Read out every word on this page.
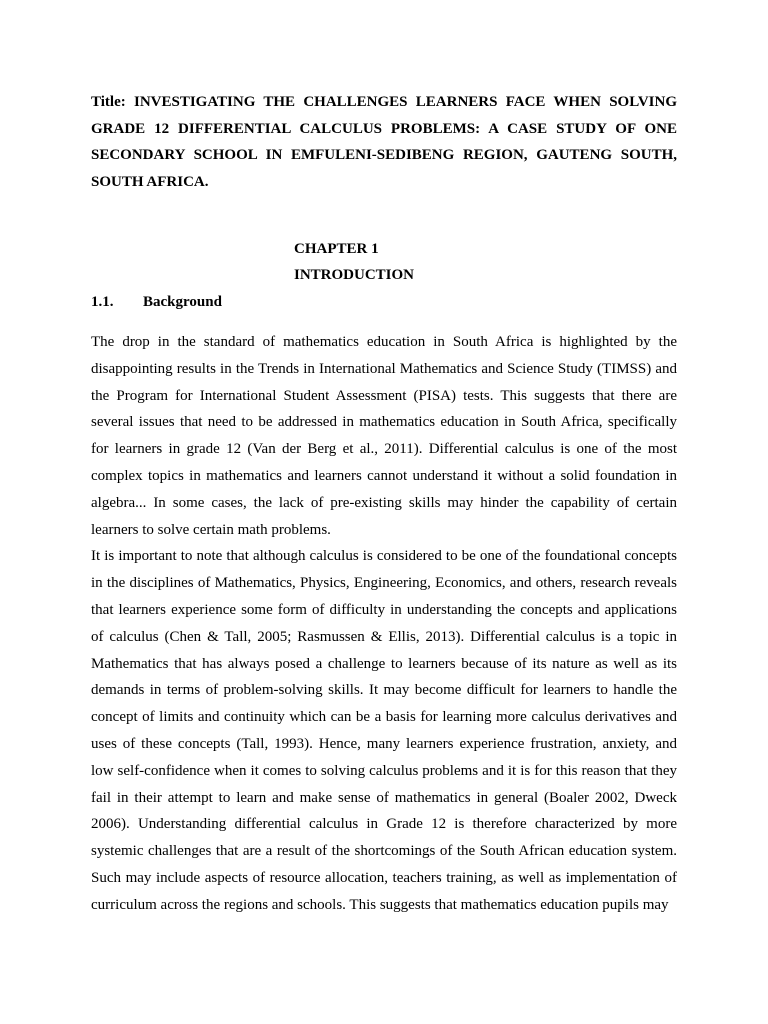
Title: INVESTIGATING THE CHALLENGES LEARNERS FACE WHEN SOLVING GRADE 12 DIFFERENTIAL CALCULUS PROBLEMS: A CASE STUDY OF ONE SECONDARY SCHOOL IN EMFULENI-SEDIBENG REGION, GAUTENG SOUTH, SOUTH AFRICA.
CHAPTER 1
INTRODUCTION
1.1. Background

The drop in the standard of mathematics education in South Africa is highlighted by the disappointing results in the Trends in International Mathematics and Science Study (TIMSS) and the Program for International Student Assessment (PISA) tests. This suggests that there are several issues that need to be addressed in mathematics education in South Africa, specifically for learners in grade 12 (Van der Berg et al., 2011). Differential calculus is one of the most complex topics in mathematics and learners cannot understand it without a solid foundation in algebra... In some cases, the lack of pre-existing skills may hinder the capability of certain learners to solve certain math problems.

It is important to note that although calculus is considered to be one of the foundational concepts in the disciplines of Mathematics, Physics, Engineering, Economics, and others, research reveals that learners experience some form of difficulty in understanding the concepts and applications of calculus (Chen & Tall, 2005; Rasmussen & Ellis, 2013). Differential calculus is a topic in Mathematics that has always posed a challenge to learners because of its nature as well as its demands in terms of problem-solving skills. It may become difficult for learners to handle the concept of limits and continuity which can be a basis for learning more calculus derivatives and uses of these concepts (Tall, 1993). Hence, many learners experience frustration, anxiety, and low self-confidence when it comes to solving calculus problems and it is for this reason that they fail in their attempt to learn and make sense of mathematics in general (Boaler 2002, Dweck 2006). Understanding differential calculus in Grade 12 is therefore characterized by more systemic challenges that are a result of the shortcomings of the South African education system. Such may include aspects of resource allocation, teachers training, as well as implementation of curriculum across the regions and schools. This suggests that mathematics education pupils may
